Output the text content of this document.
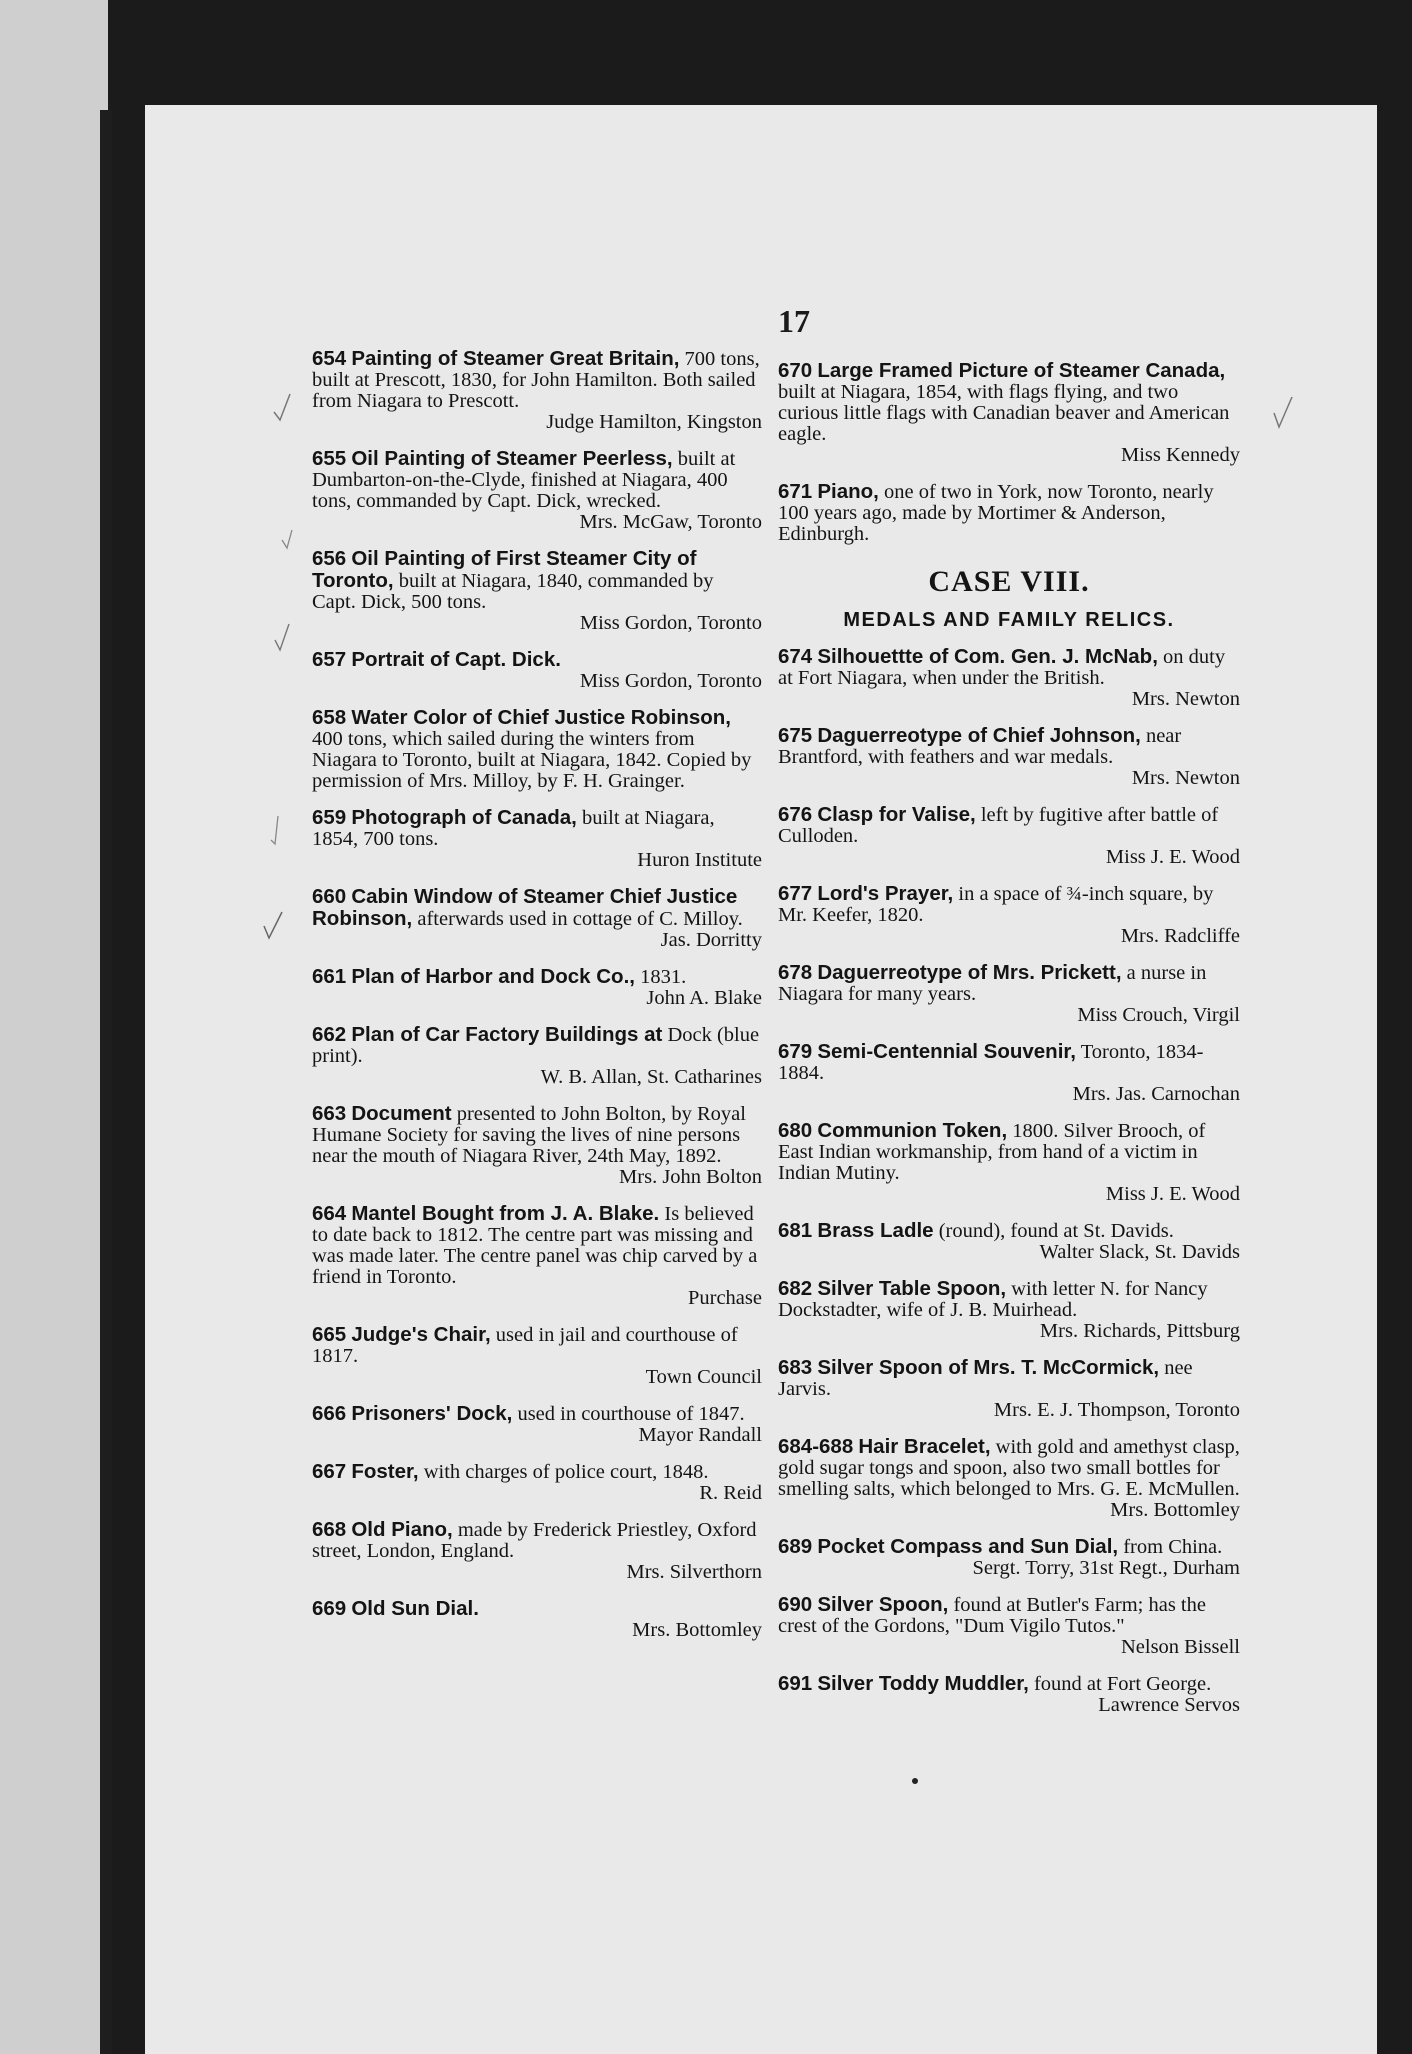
17
654 Painting of Steamer Great Britain, 700 tons, built at Prescott, 1830, for John Hamilton. Both sailed from Niagara to Prescott.
Judge Hamilton, Kingston
655 Oil Painting of Steamer Peerless, built at Dumbarton-on-the-Clyde, finished at Niagara, 400 tons, commanded by Capt. Dick, wrecked.
Mrs. McGaw, Toronto
656 Oil Painting of First Steamer City of Toronto, built at Niagara, 1840, commanded by Capt. Dick, 500 tons.
Miss Gordon, Toronto
657 Portrait of Capt. Dick.
Miss Gordon, Toronto
658 Water Color of Chief Justice Robinson, 400 tons, which sailed during the winters from Niagara to Toronto, built at Niagara, 1842. Copied by permission of Mrs. Milloy, by F. H. Grainger.
659 Photograph of Canada, built at Niagara, 1854, 700 tons.
Huron Institute
660 Cabin Window of Steamer Chief Justice Robinson, afterwards used in cottage of C. Milloy.
Jas. Dorritty
661 Plan of Harbor and Dock Co., 1831.
John A. Blake
662 Plan of Car Factory Buildings at Dock (blue print).
W. B. Allan, St. Catharines
663 Document presented to John Bolton, by Royal Humane Society for saving the lives of nine persons near the mouth of Niagara River, 24th May, 1892.
Mrs. John Bolton
664 Mantel Bought from J. A. Blake. Is believed to date back to 1812. The centre part was missing and was made later. The centre panel was chip carved by a friend in Toronto.
Purchase
665 Judge's Chair, used in jail and courthouse of 1817.
Town Council
666 Prisoners' Dock, used in courthouse of 1847.
Mayor Randall
667 Foster, with charges of police court, 1848.
R. Reid
668 Old Piano, made by Frederick Priestley, Oxford street, London, England.
Mrs. Silverthorn
669 Old Sun Dial.
Mrs. Bottomley
670 Large Framed Picture of Steamer Canada, built at Niagara, 1854, with flags flying, and two curious little flags with Canadian beaver and American eagle.
Miss Kennedy
671 Piano, one of two in York, now Toronto, nearly 100 years ago, made by Mortimer & Anderson, Edinburgh.
CASE VIII.
MEDALS AND FAMILY RELICS.
674 Silhouettte of Com. Gen. J. McNab, on duty at Fort Niagara, when under the British.
Mrs. Newton
675 Daguerreotype of Chief Johnson, near Brantford, with feathers and war medals.
Mrs. Newton
676 Clasp for Valise, left by fugitive after battle of Culloden.
Miss J. E. Wood
677 Lord's Prayer, in a space of ¾-inch square, by Mr. Keefer, 1820.
Mrs. Radcliffe
678 Daguerreotype of Mrs. Prickett, a nurse in Niagara for many years.
Miss Crouch, Virgil
679 Semi-Centennial Souvenir, Toronto, 1834-1884.
Mrs. Jas. Carnochan
680 Communion Token, 1800. Silver Brooch, of East Indian workmanship, from hand of a victim in Indian Mutiny.
Miss J. E. Wood
681 Brass Ladle (round), found at St. Davids.
Walter Slack, St. Davids
682 Silver Table Spoon, with letter N. for Nancy Dockstadter, wife of J. B. Muirhead.
Mrs. Richards, Pittsburg
683 Silver Spoon of Mrs. T. McCormick, nee Jarvis.
Mrs. E. J. Thompson, Toronto
684-688 Hair Bracelet, with gold and amethyst clasp, gold sugar tongs and spoon, also two small bottles for smelling salts, which belonged to Mrs. G. E. McMullen.
Mrs. Bottomley
689 Pocket Compass and Sun Dial, from China.
Sergt. Torry, 31st Regt., Durham
690 Silver Spoon, found at Butler's Farm; has the crest of the Gordons, "Dum Vigilo Tutos."
Nelson Bissell
691 Silver Toddy Muddler, found at Fort George.
Lawrence Servos
